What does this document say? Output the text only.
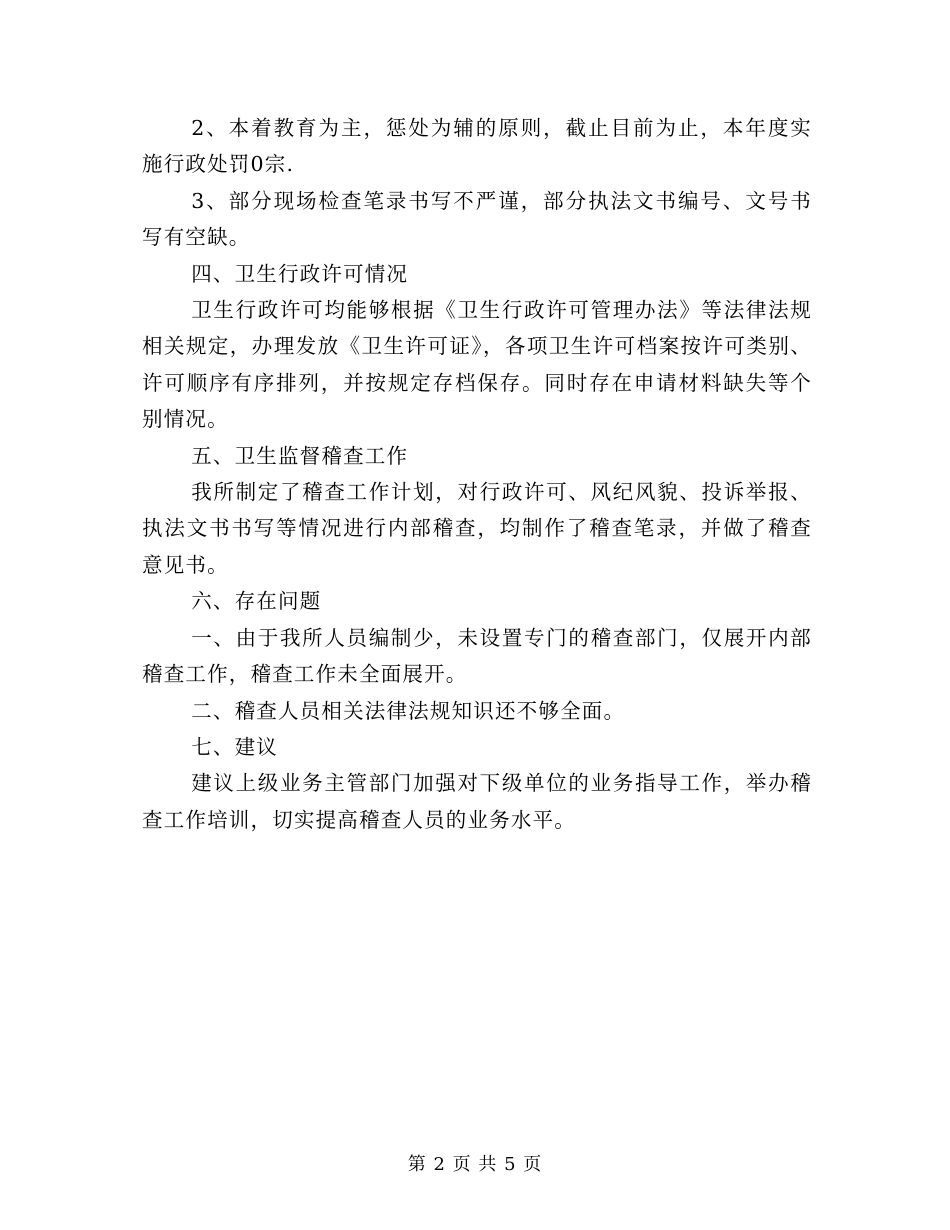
2、本着教育为主，惩处为辅的原则，截止目前为止，本年度实施行政处罚0宗.

3、部分现场检查笔录书写不严谨，部分执法文书编号、文号书写有空缺。

四、卫生行政许可情况

卫生行政许可均能够根据《卫生行政许可管理办法》等法律法规相关规定，办理发放《卫生许可证》，各项卫生许可档案按许可类别、许可顺序有序排列，并按规定存档保存。同时存在申请材料缺失等个别情况。

五、卫生监督稽查工作

我所制定了稽查工作计划，对行政许可、风纪风貌、投诉举报、执法文书书写等情况进行内部稽查，均制作了稽查笔录，并做了稽查意见书。

六、存在问题

一、由于我所人员编制少，未设置专门的稽查部门，仅展开内部稽查工作，稽查工作未全面展开。

二、稽查人员相关法律法规知识还不够全面。

七、建议

建议上级业务主管部门加强对下级单位的业务指导工作，举办稽查工作培训，切实提高稽查人员的业务水平。

第 2 页 共 5 页
